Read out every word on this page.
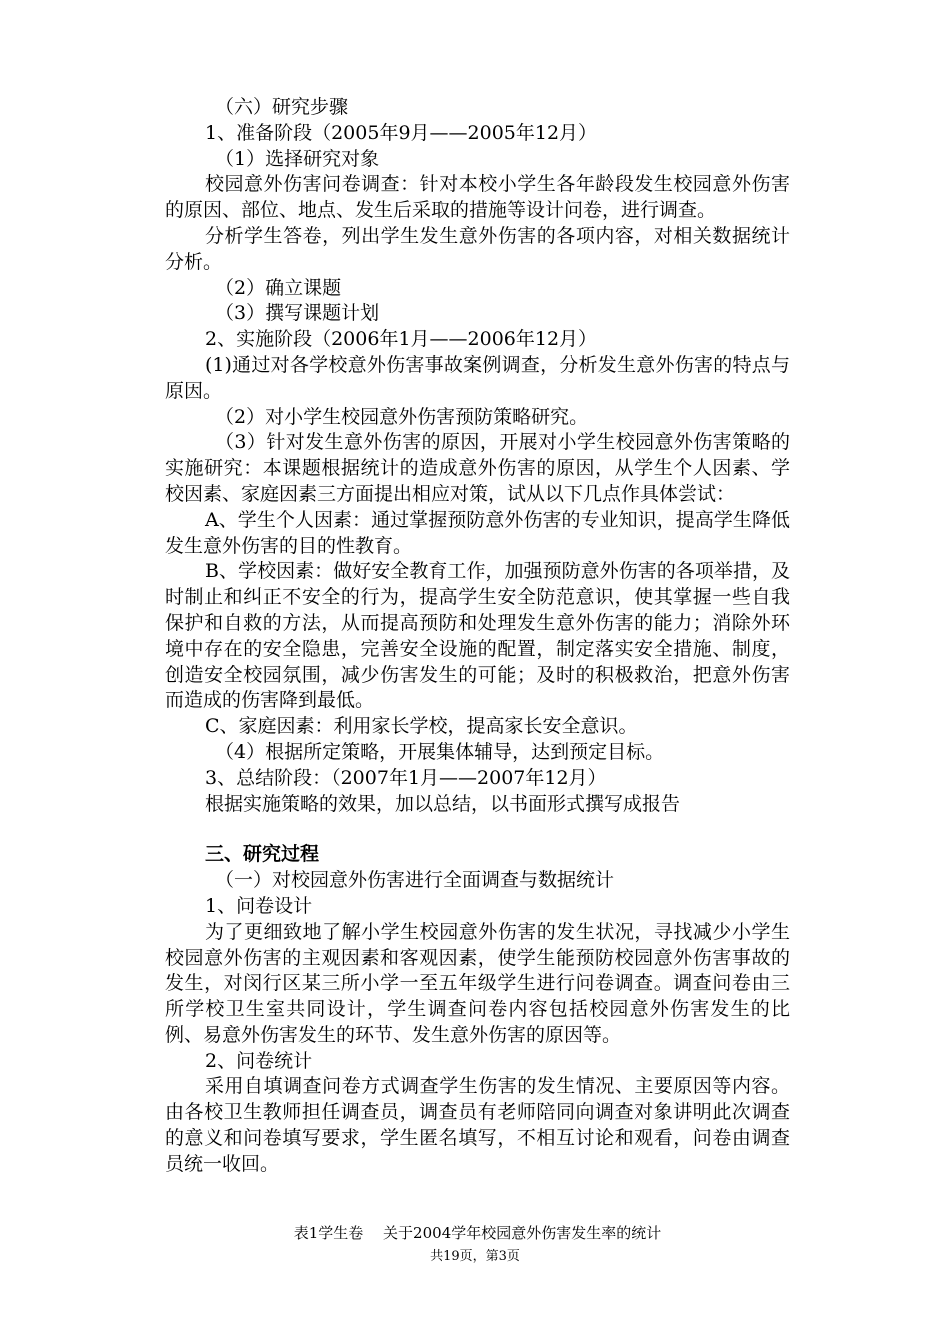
（六）研究步骤

1、准备阶段（2005年9月——2005年12月）

（1）选择研究对象

校园意外伤害问卷调查：针对本校小学生各年龄段发生校园意外伤害的原因、部位、地点、发生后采取的措施等设计问卷，进行调查。

分析学生答卷，列出学生发生意外伤害的各项内容，对相关数据统计分析。

（2）确立课题

（3）撰写课题计划

2、实施阶段（2006年1月——2006年12月）

(1)通过对各学校意外伤害事故案例调查，分析发生意外伤害的特点与原因。

（2）对小学生校园意外伤害预防策略研究。

（3）针对发生意外伤害的原因，开展对小学生校园意外伤害策略的实施研究：本课题根据统计的造成意外伤害的原因，从学生个人因素、学校因素、家庭因素三方面提出相应对策，试从以下几点作具体尝试：

A、学生个人因素：通过掌握预防意外伤害的专业知识，提高学生降低发生意外伤害的目的性教育。

B、学校因素：做好安全教育工作，加强预防意外伤害的各项举措，及时制止和纠正不安全的行为，提高学生安全防范意识，使其掌握一些自我保护和自救的方法，从而提高预防和处理发生意外伤害的能力；消除外环境中存在的安全隐患，完善安全设施的配置，制定落实安全措施、制度，创造安全校园氛围，减少伤害发生的可能；及时的积极救治，把意外伤害而造成的伤害降到最低。

C、家庭因素：利用家长学校，提高家长安全意识。

（4）根据所定策略，开展集体辅导，达到预定目标。

3、总结阶段：（2007年1月——2007年12月）

根据实施策略的效果，加以总结，以书面形式撰写成报告

三、研究过程

（一）对校园意外伤害进行全面调查与数据统计

1、问卷设计

为了更细致地了解小学生校园意外伤害的发生状况，寻找减少小学生校园意外伤害的主观因素和客观因素，使学生能预防校园意外伤害事故的发生，对闵行区某三所小学一至五年级学生进行问卷调查。调查问卷由三所学校卫生室共同设计，学生调查问卷内容包括校园意外伤害发生的比例、易意外伤害发生的环节、发生意外伤害的原因等。

2、问卷统计

采用自填调查问卷方式调查学生伤害的发生情况、主要原因等内容。由各校卫生教师担任调查员，调查员有老师陪同向调查对象讲明此次调查的意义和问卷填写要求，学生匿名填写，不相互讨论和观看，问卷由调查员统一收回。

表1学生卷　 关于2004学年校园意外伤害发生率的统计
共19页，第3页
